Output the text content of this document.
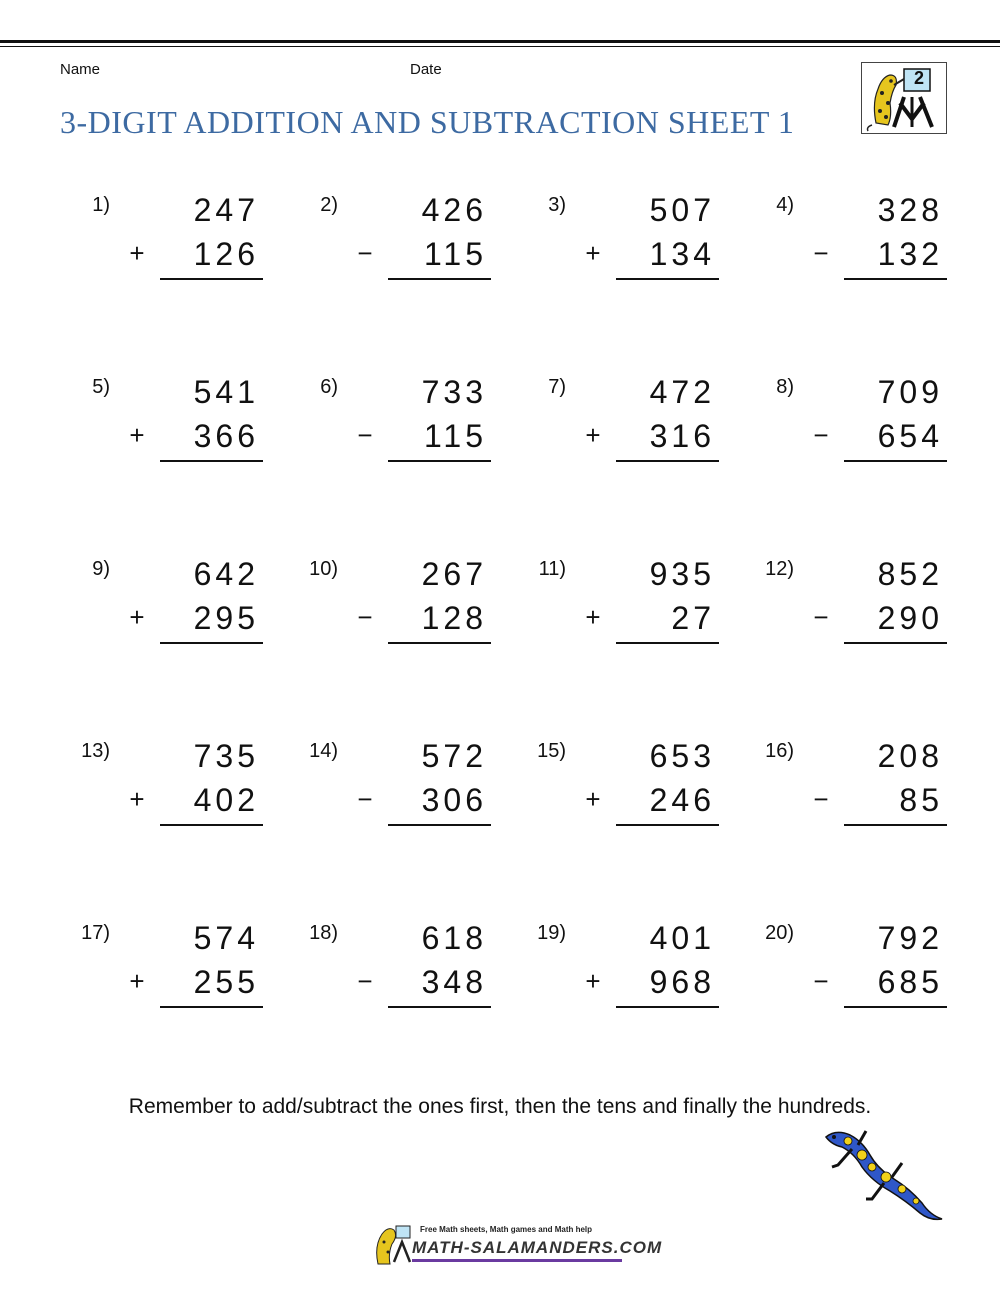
Name	Date
3-DIGIT ADDITION AND SUBTRACTION SHEET 1
2
1)	247
+	126
2)	426
−	115
3)	507
+	134
4)	328
−	132
5)	541
+	366
6)	733
−	115
7)	472
+	316
8)	709
−	654
9)	642
+	295
10)	267
−	128
11)	935
+	27
12)	852
−	290
13)	735
+	402
14)	572
−	306
15)	653
+	246
16)	208
−	85
17)	574
+	255
18)	618
−	348
19)	401
+	968
20)	792
−	685
Remember to add/subtract the ones first, then the tens and finally the hundreds.
Free Math sheets, Math games and Math help
MATH-SALAMANDERS.COM
